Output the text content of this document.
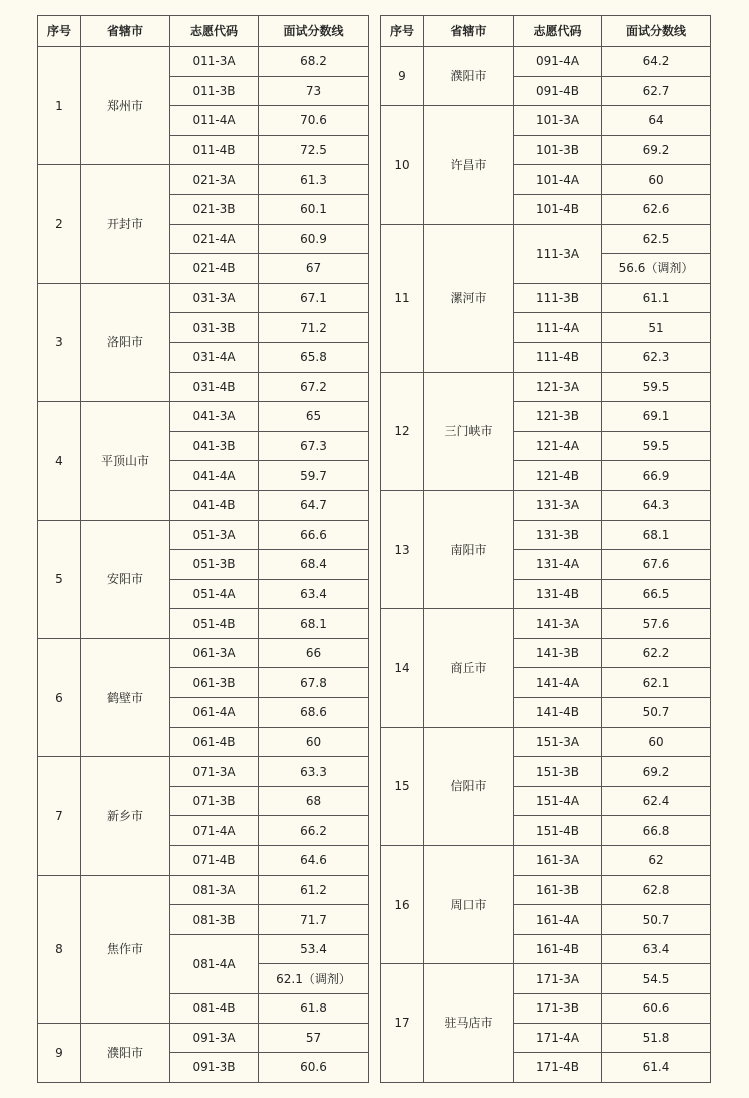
序号	省辖市	志愿代码	面试分数线
1	郑州市	011-3A	68.2
		011-3B	73
		011-4A	70.6
		011-4B	72.5
2	开封市	021-3A	61.3
		021-3B	60.1
		021-4A	60.9
		021-4B	67
3	洛阳市	031-3A	67.1
		031-3B	71.2
		031-4A	65.8
		031-4B	67.2
4	平顶山市	041-3A	65
		041-3B	67.3
		041-4A	59.7
		041-4B	64.7
5	安阳市	051-3A	66.6
		051-3B	68.4
		051-4A	63.4
		051-4B	68.1
6	鹤壁市	061-3A	66
		061-3B	67.8
		061-4A	68.6
		061-4B	60
7	新乡市	071-3A	63.3
		071-3B	68
		071-4A	66.2
		071-4B	64.6
8	焦作市	081-3A	61.2
		081-3B	71.7
		081-4A	53.4
			62.1（调剂）
		081-4B	61.8
9	濮阳市	091-3A	57
		091-3B	60.6
序号	省辖市	志愿代码	面试分数线
9	濮阳市	091-4A	64.2
		091-4B	62.7
10	许昌市	101-3A	64
		101-3B	69.2
		101-4A	60
		101-4B	62.6
11	漯河市	111-3A	62.5
			56.6（调剂）
		111-3B	61.1
		111-4A	51
		111-4B	62.3
12	三门峡市	121-3A	59.5
		121-3B	69.1
		121-4A	59.5
		121-4B	66.9
13	南阳市	131-3A	64.3
		131-3B	68.1
		131-4A	67.6
		131-4B	66.5
14	商丘市	141-3A	57.6
		141-3B	62.2
		141-4A	62.1
		141-4B	50.7
15	信阳市	151-3A	60
		151-3B	69.2
		151-4A	62.4
		151-4B	66.8
16	周口市	161-3A	62
		161-3B	62.8
		161-4A	50.7
		161-4B	63.4
17	驻马店市	171-3A	54.5
		171-3B	60.6
		171-4A	51.8
		171-4B	61.4
